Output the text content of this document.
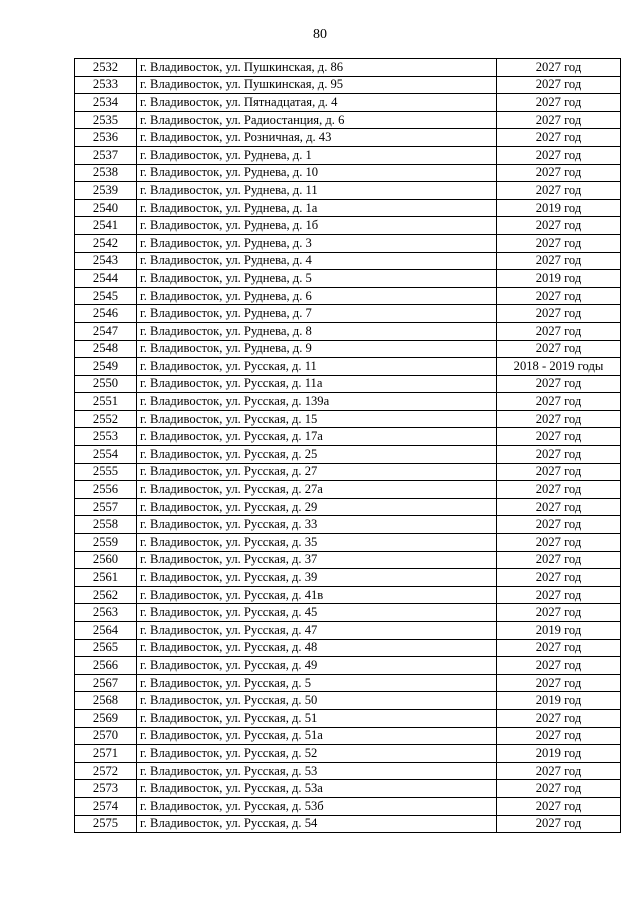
80
2532	г. Владивосток, ул. Пушкинская, д. 86	2027 год
2533	г. Владивосток, ул. Пушкинская, д. 95	2027 год
2534	г. Владивосток, ул. Пятнадцатая, д. 4	2027 год
2535	г. Владивосток, ул. Радиостанция, д. 6	2027 год
2536	г. Владивосток, ул. Розничная, д. 43	2027 год
2537	г. Владивосток, ул. Руднева, д. 1	2027 год
2538	г. Владивосток, ул. Руднева, д. 10	2027 год
2539	г. Владивосток, ул. Руднева, д. 11	2027 год
2540	г. Владивосток, ул. Руднева, д. 1а	2019 год
2541	г. Владивосток, ул. Руднева, д. 1б	2027 год
2542	г. Владивосток, ул. Руднева, д. 3	2027 год
2543	г. Владивосток, ул. Руднева, д. 4	2027 год
2544	г. Владивосток, ул. Руднева, д. 5	2019 год
2545	г. Владивосток, ул. Руднева, д. 6	2027 год
2546	г. Владивосток, ул. Руднева, д. 7	2027 год
2547	г. Владивосток, ул. Руднева, д. 8	2027 год
2548	г. Владивосток, ул. Руднева, д. 9	2027 год
2549	г. Владивосток, ул. Русская, д. 11	2018 - 2019 годы
2550	г. Владивосток, ул. Русская, д. 11а	2027 год
2551	г. Владивосток, ул. Русская, д. 139а	2027 год
2552	г. Владивосток, ул. Русская, д. 15	2027 год
2553	г. Владивосток, ул. Русская, д. 17а	2027 год
2554	г. Владивосток, ул. Русская, д. 25	2027 год
2555	г. Владивосток, ул. Русская, д. 27	2027 год
2556	г. Владивосток, ул. Русская, д. 27а	2027 год
2557	г. Владивосток, ул. Русская, д. 29	2027 год
2558	г. Владивосток, ул. Русская, д. 33	2027 год
2559	г. Владивосток, ул. Русская, д. 35	2027 год
2560	г. Владивосток, ул. Русская, д. 37	2027 год
2561	г. Владивосток, ул. Русская, д. 39	2027 год
2562	г. Владивосток, ул. Русская, д. 41в	2027 год
2563	г. Владивосток, ул. Русская, д. 45	2027 год
2564	г. Владивосток, ул. Русская, д. 47	2019 год
2565	г. Владивосток, ул. Русская, д. 48	2027 год
2566	г. Владивосток, ул. Русская, д. 49	2027 год
2567	г. Владивосток, ул. Русская, д. 5	2027 год
2568	г. Владивосток, ул. Русская, д. 50	2019 год
2569	г. Владивосток, ул. Русская, д. 51	2027 год
2570	г. Владивосток, ул. Русская, д. 51а	2027 год
2571	г. Владивосток, ул. Русская, д. 52	2019 год
2572	г. Владивосток, ул. Русская, д. 53	2027 год
2573	г. Владивосток, ул. Русская, д. 53а	2027 год
2574	г. Владивосток, ул. Русская, д. 53б	2027 год
2575	г. Владивосток, ул. Русская, д. 54	2027 год
